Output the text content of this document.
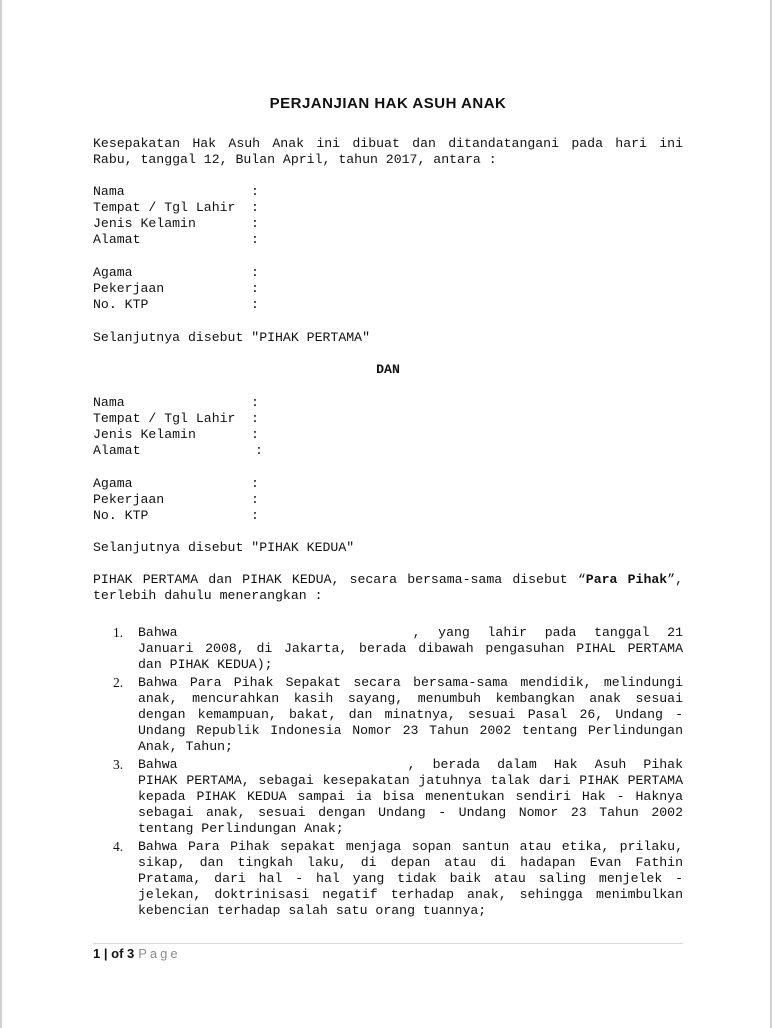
PERJANJIAN HAK ASUH ANAK
Kesepakatan Hak Asuh Anak ini dibuat dan ditandatangani pada hari ini Rabu, tanggal 12, Bulan April, tahun 2017, antara :
Nama	:
Tempat / Tgl Lahir :
Jenis Kelamin	:
Alamat	:
Agama	:
Pekerjaan	:
No. KTP	:
Selanjutnya disebut "PIHAK PERTAMA"
DAN
Nama	:
Tempat / Tgl Lahir :
Jenis Kelamin	:
Alamat	:
Agama	:
Pekerjaan	:
No. KTP	:
Selanjutnya disebut "PIHAK KEDUA"
PIHAK PERTAMA dan PIHAK KEDUA, secara bersama-sama disebut “Para Pihak”, terlebih dahulu menerangkan :
1. Bahwa	, yang lahir pada tanggal 21 Januari 2008, di Jakarta, berada dibawah pengasuhan PIHAL PERTAMA dan PIHAK KEDUA);
2. Bahwa Para Pihak Sepakat secara bersama-sama mendidik, melindungi anak, mencurahkan kasih sayang, menumbuh kembangkan anak sesuai dengan kemampuan, bakat, dan minatnya, sesuai Pasal 26, Undang - Undang Republik Indonesia Nomor 23 Tahun 2002 tentang Perlindungan Anak, Tahun;
3. Bahwa	, berada dalam Hak Asuh Pihak PIHAK PERTAMA, sebagai kesepakatan jatuhnya talak dari PIHAK PERTAMA kepada PIHAK KEDUA sampai ia bisa menentukan sendiri Hak - Haknya sebagai anak, sesuai dengan Undang - Undang Nomor 23 Tahun 2002 tentang Perlindungan Anak;
4. Bahwa Para Pihak sepakat menjaga sopan santun atau etika, prilaku, sikap, dan tingkah laku, di depan atau di hadapan Evan Fathin Pratama, dari hal - hal yang tidak baik atau saling menjelek - jelekan, doktrinisasi negatif terhadap anak, sehingga menimbulkan kebencian terhadap salah satu orang tuannya;
1 | of 3 Page
